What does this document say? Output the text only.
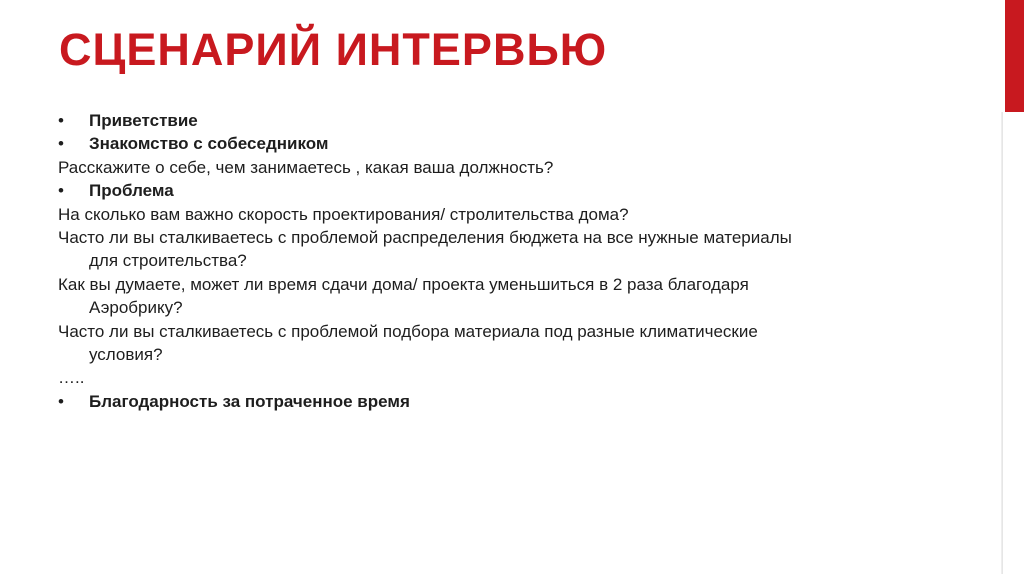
СЦЕНАРИЙ ИНТЕРВЬЮ
•	Приветствие
•	Знакомство с собеседником
Расскажите о себе, чем занимаетесь , какая ваша должность?
•	Проблема
На сколько вам важно скорость проектирования/ стролительства дома?
Часто ли вы сталкиваетесь с проблемой распределения бюджета на все нужные материалы
для строительства?
Как вы думаете, может ли время сдачи дома/ проекта уменьшиться в 2 раза благодаря
Аэробрику?
Часто ли вы сталкиваетесь с проблемой подбора материала под разные климатические
условия?
…..
•	Благодарность за потраченное время
